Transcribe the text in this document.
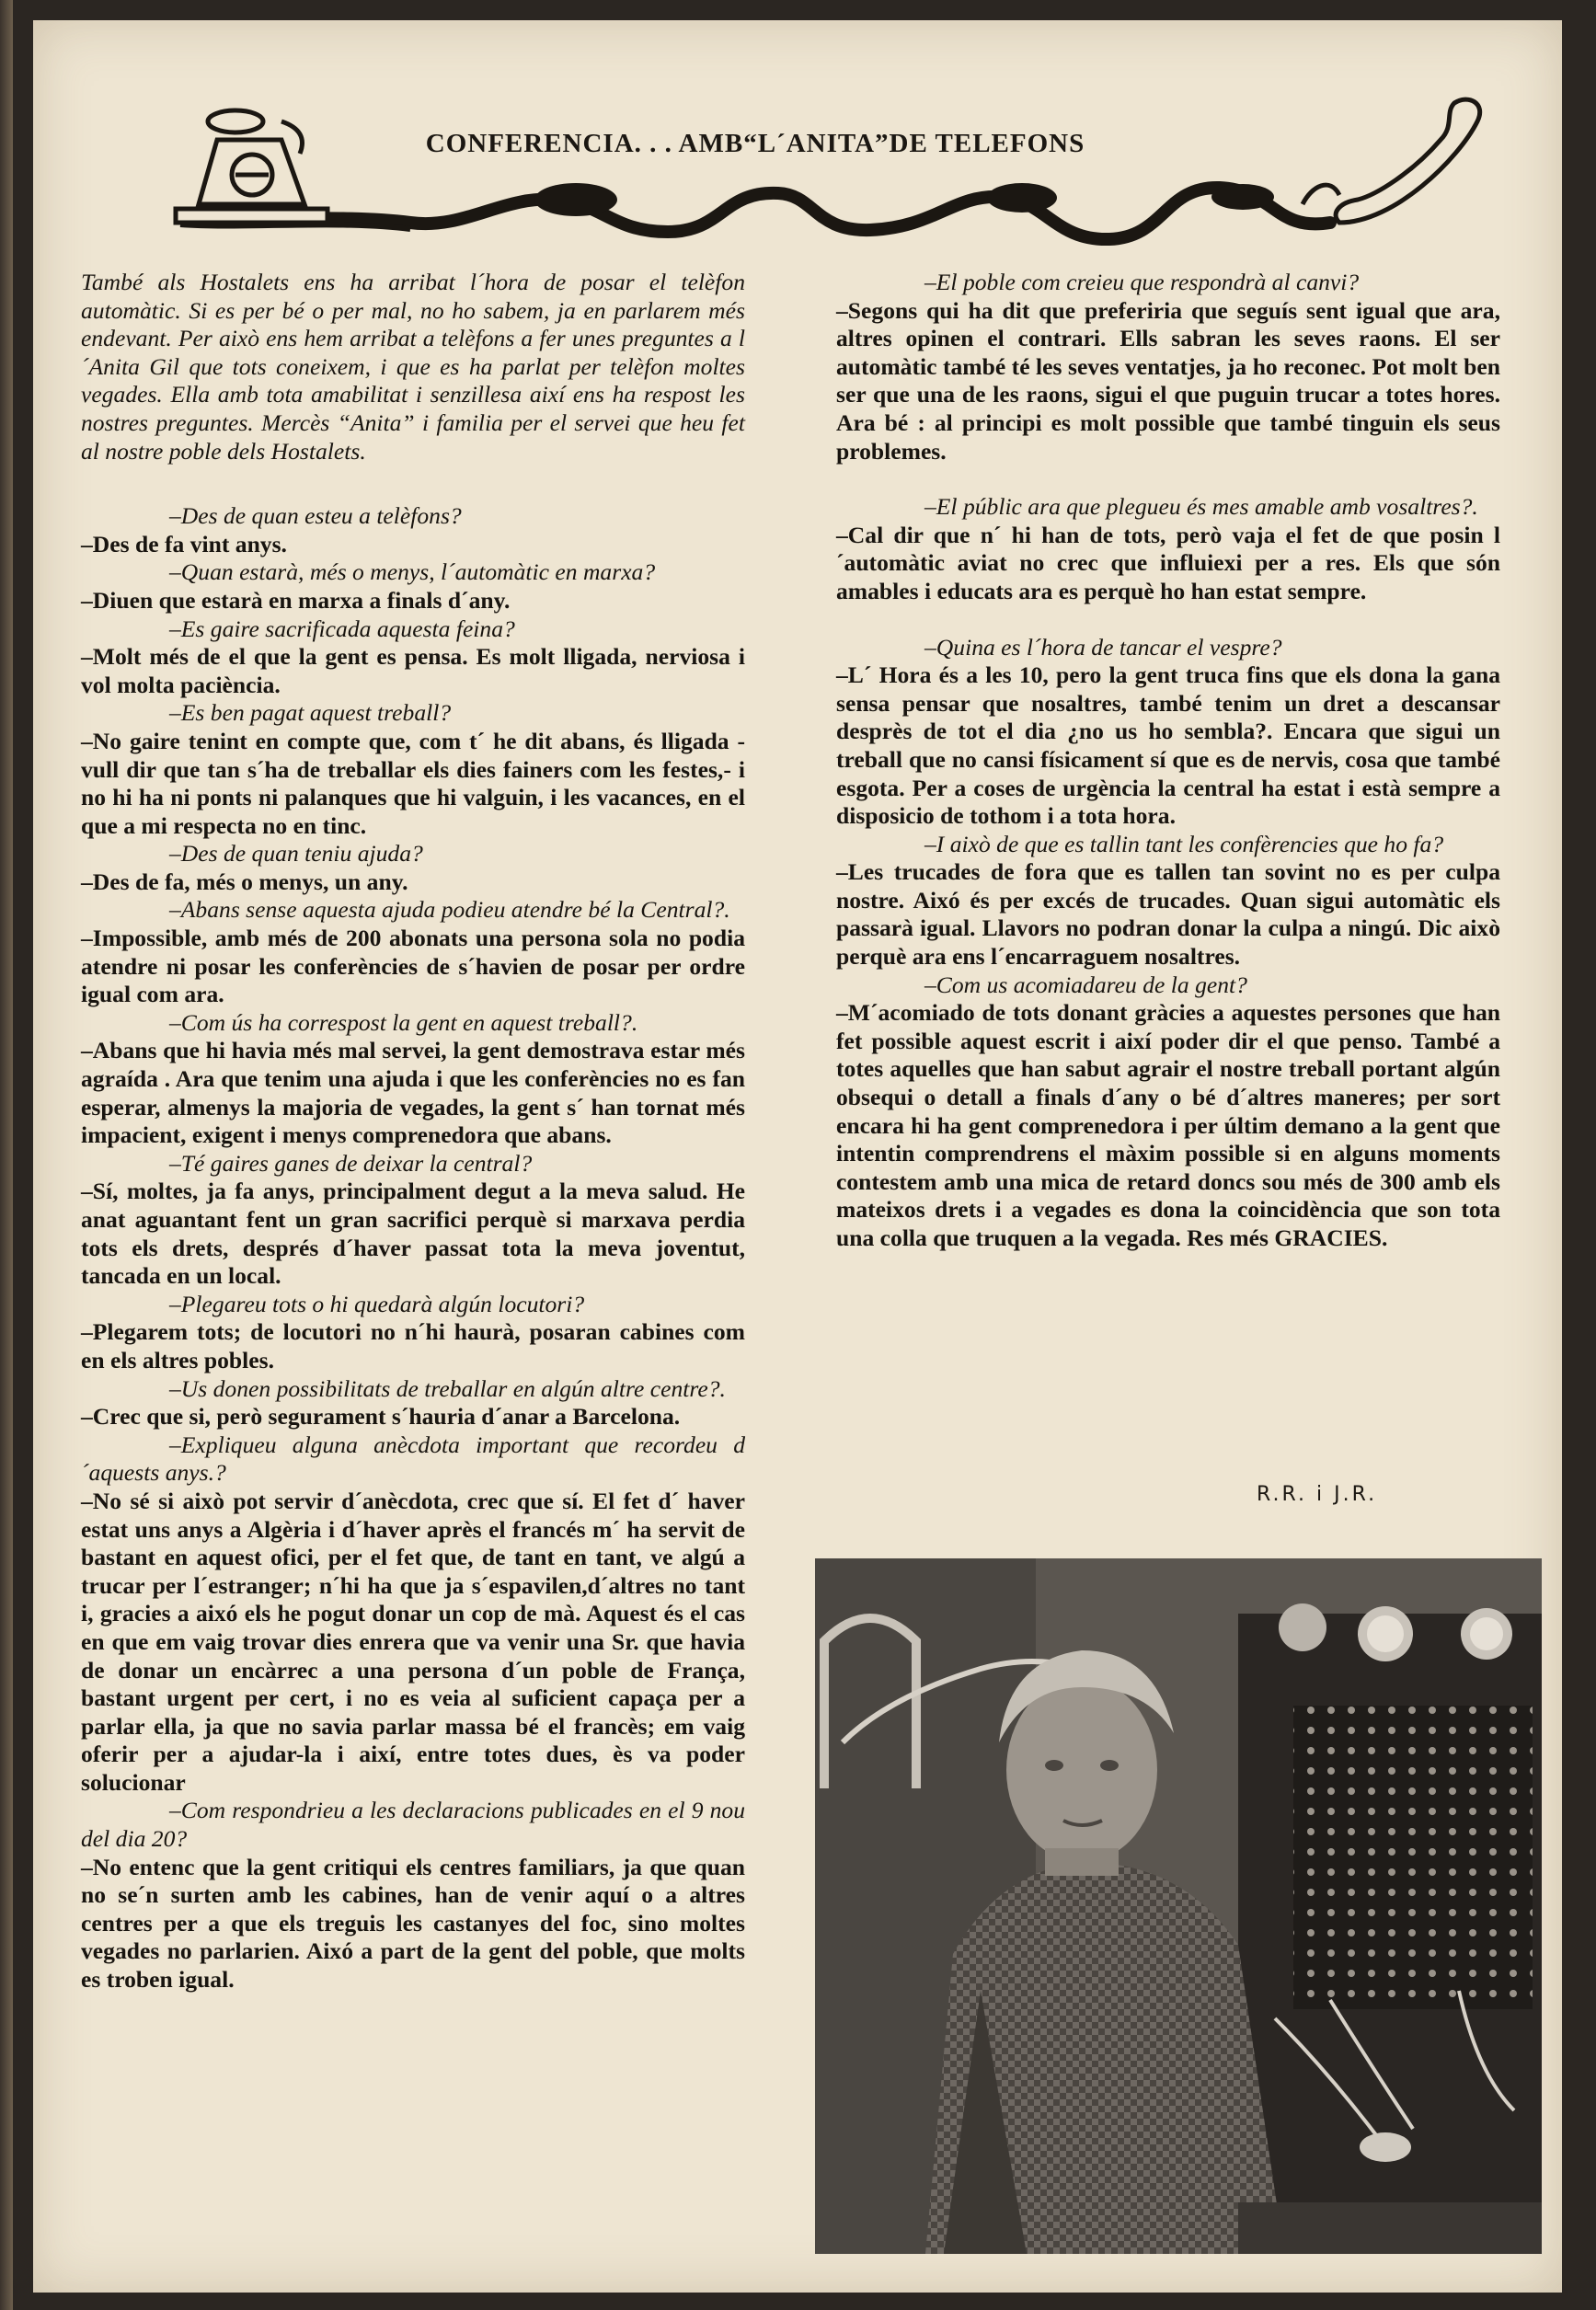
CONFERENCIA. . . AMB“L´ANITA”DE TELEFONS

També als Hostalets ens ha arribat l´hora de posar el telèfon automàtic. Si es per bé o per mal, no ho sabem, ja en parlarem més endevant. Per això ens hem arribat a telèfons a fer unes preguntes a l´Anita Gil que tots coneixem, i que es ha parlat per telèfon moltes vegades. Ella amb tota amabilitat i senzillesa així ens ha respost les nostres preguntes. Mercès “Anita” i familia per el servei que heu fet al nostre poble dels Hostalets.

–Des de quan esteu a telèfons?

–Des de fa vint anys.

–Quan estarà, més o menys, l´automàtic en marxa?

–Diuen que estarà en marxa a finals d´any.

–Es gaire sacrificada aquesta feina?

–Molt més de el que la gent es pensa. Es molt lligada, nerviosa i vol molta paciència.

–Es ben pagat aquest treball?

–No gaire tenint en compte que, com t´ he dit abans, és lligada -vull dir que tan s´ha de treballar els dies fainers com les festes,- i no hi ha ni ponts ni palanques que hi valguin, i les vacances, en el que a mi respecta no en tinc.

–Des de quan teniu ajuda?

–Des de fa, més o menys, un any.

–Abans sense aquesta ajuda podieu atendre bé la Central?.

–Impossible, amb més de 200 abonats una persona sola no podia atendre ni posar les conferències de s´havien de posar per ordre igual com ara.

–Com ús ha correspost la gent en aquest treball?.

–Abans que hi havia més mal servei, la gent demostrava estar més agraída . Ara que tenim una ajuda i que les conferències no es fan esperar, almenys la majoria de vegades, la gent s´ han tornat més impacient, exigent i menys comprenedora que abans.

–Té gaires ganes de deixar la central?

–Sí, moltes, ja fa anys, principalment degut a la meva salud. He anat aguantant fent un gran sacrifici perquè si marxava perdia tots els drets, després d´haver passat tota la meva joventut, tancada en un local.

–Plegareu tots o hi quedarà algún locutori?

–Plegarem tots; de locutori no n´hi haurà, posaran cabines com en els altres pobles.

–Us donen possibilitats de treballar en algún altre centre?.

–Crec que si, però segurament s´hauria d´anar a Barcelona.

–Expliqueu alguna anècdota important que recordeu d´aquests anys.?

–No sé si això pot servir d´anècdota, crec que sí. El fet d´ haver estat uns anys a Algèria i d´haver après el francés m´ ha servit de bastant en aquest ofici, per el fet que, de tant en tant, ve algú a trucar per l´estranger; n´hi ha que ja s´espavilen,d´altres no tant i, gracies a aixó els he pogut donar un cop de mà. Aquest és el cas en que em vaig trovar dies enrera que va venir una Sr. que havia de donar un encàrrec a una persona d´un poble de França, bastant urgent per cert, i no es veia al suficient capaça per a parlar ella, ja que no savia parlar massa bé el francès; em vaig oferir per a ajudar-la i així, entre totes dues, ès va poder solucionar

–Com respondrieu a les declaracions publicades en el 9 nou del dia 20?

–No entenc que la gent critiqui els centres familiars, ja que quan no se´n surten amb les cabines, han de venir aquí o a altres centres per a que els treguis les castanyes del foc, sino moltes vegades no parlarien. Aixó a part de la gent del poble, que molts es troben igual.

–El poble com creieu que respondrà al canvi?

–Segons qui ha dit que preferiria que seguís sent igual que ara, altres opinen el contrari. Ells sabran les seves raons. El ser automàtic també té les seves ventatjes, ja ho reconec. Pot molt ben ser que una de les raons, sigui el que puguin trucar a totes hores. Ara bé : al principi es molt possible que també tinguin els seus problemes.

–El públic ara que plegueu és mes amable amb vosaltres?.

–Cal dir que n´ hi han de tots, però vaja el fet de que posin l´automàtic aviat no crec que influiexi per a res. Els que són amables i educats ara es perquè ho han estat sempre.

–Quina es l´hora de tancar el vespre?

–L´ Hora és a les 10, pero la gent truca fins que els dona la gana sensa pensar que nosaltres, també tenim un dret a descansar desprès de tot el dia ¿no us ho sembla?. Encara que sigui un treball que no cansi físicament sí que es de nervis, cosa que també esgota. Per a coses de urgència la central ha estat i està sempre a disposicio de tothom i a tota hora.

–I això de que es tallin tant les confèrencies que ho fa?

–Les trucades de fora que es tallen tan sovint no es per culpa nostre. Aixó és per excés de trucades. Quan sigui automàtic els passarà igual. Llavors no podran donar la culpa a ningú. Dic això perquè ara ens l´encarraguem nosaltres.

–Com us acomiadareu de la gent?

–M´acomiado de tots donant gràcies a aquestes persones que han fet possible aquest escrit i així poder dir el que penso. També a totes aquelles que han sabut agrair el nostre treball portant algún obsequi o detall a finals d´any o bé d´altres maneres; per sort encara hi ha gent comprenedora i per últim demano a la gent que intentin comprendrens el màxim possible si en alguns moments contestem amb una mica de retard doncs sou més de 300 amb els mateixos drets i a vegades es dona la coincidència que son tota una colla que truquen a la vegada. Res més GRACIES.

R.R. i J.R.
